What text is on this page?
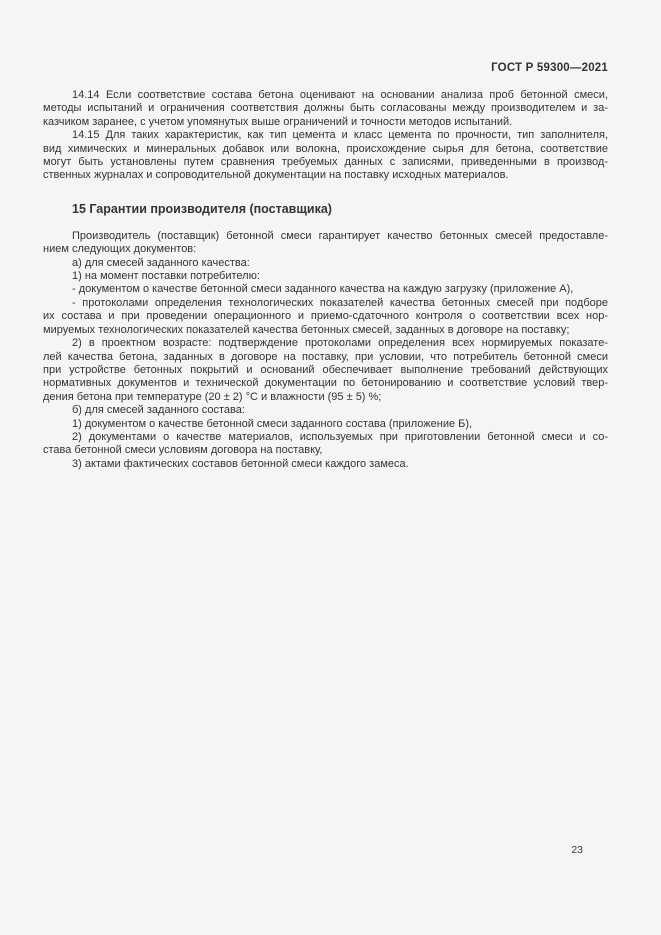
ГОСТ Р 59300—2021
14.14 Если соответствие состава бетона оценивают на основании анализа проб бетонной смеси,
методы испытаний и ограничения соответствия должны быть согласованы между производителем и за-
казчиком заранее, с учетом упомянутых выше ограничений и точности методов испытаний.
14.15 Для таких характеристик, как тип цемента и класс цемента по прочности, тип заполнителя,
вид химических и минеральных добавок или волокна, происхождение сырья для бетона, соответствие
могут быть установлены путем сравнения требуемых данных с записями, приведенными в производ-
ственных журналах и сопроводительной документации на поставку исходных материалов.
15 Гарантии производителя (поставщика)
Производитель (поставщик) бетонной смеси гарантирует качество бетонных смесей предоставле-
нием следующих документов:
а) для смесей заданного качества:
1) на момент поставки потребителю:
- документом о качестве бетонной смеси заданного качества на каждую загрузку (приложение А),
- протоколами определения технологических показателей качества бетонных смесей при подборе
их состава и при проведении операционного и приемо-сдаточного контроля о соответствии всех нор-
мируемых технологических показателей качества бетонных смесей, заданных в договоре на поставку;
2) в проектном возрасте: подтверждение протоколами определения всех нормируемых показате-
лей качества бетона, заданных в договоре на поставку, при условии, что потребитель бетонной смеси
при устройстве бетонных покрытий и оснований обеспечивает выполнение требований действующих
нормативных документов и технической документации по бетонированию и соответствие условий твер-
дения бетона при температуре (20 ± 2) °С и влажности (95 ± 5) %;
б) для смесей заданного состава:
1) документом о качестве бетонной смеси заданного состава (приложение Б),
2) документами о качестве материалов, используемых при приготовлении бетонной смеси и со-
става бетонной смеси условиям договора на поставку,
3) актами фактических составов бетонной смеси каждого замеса.
23
